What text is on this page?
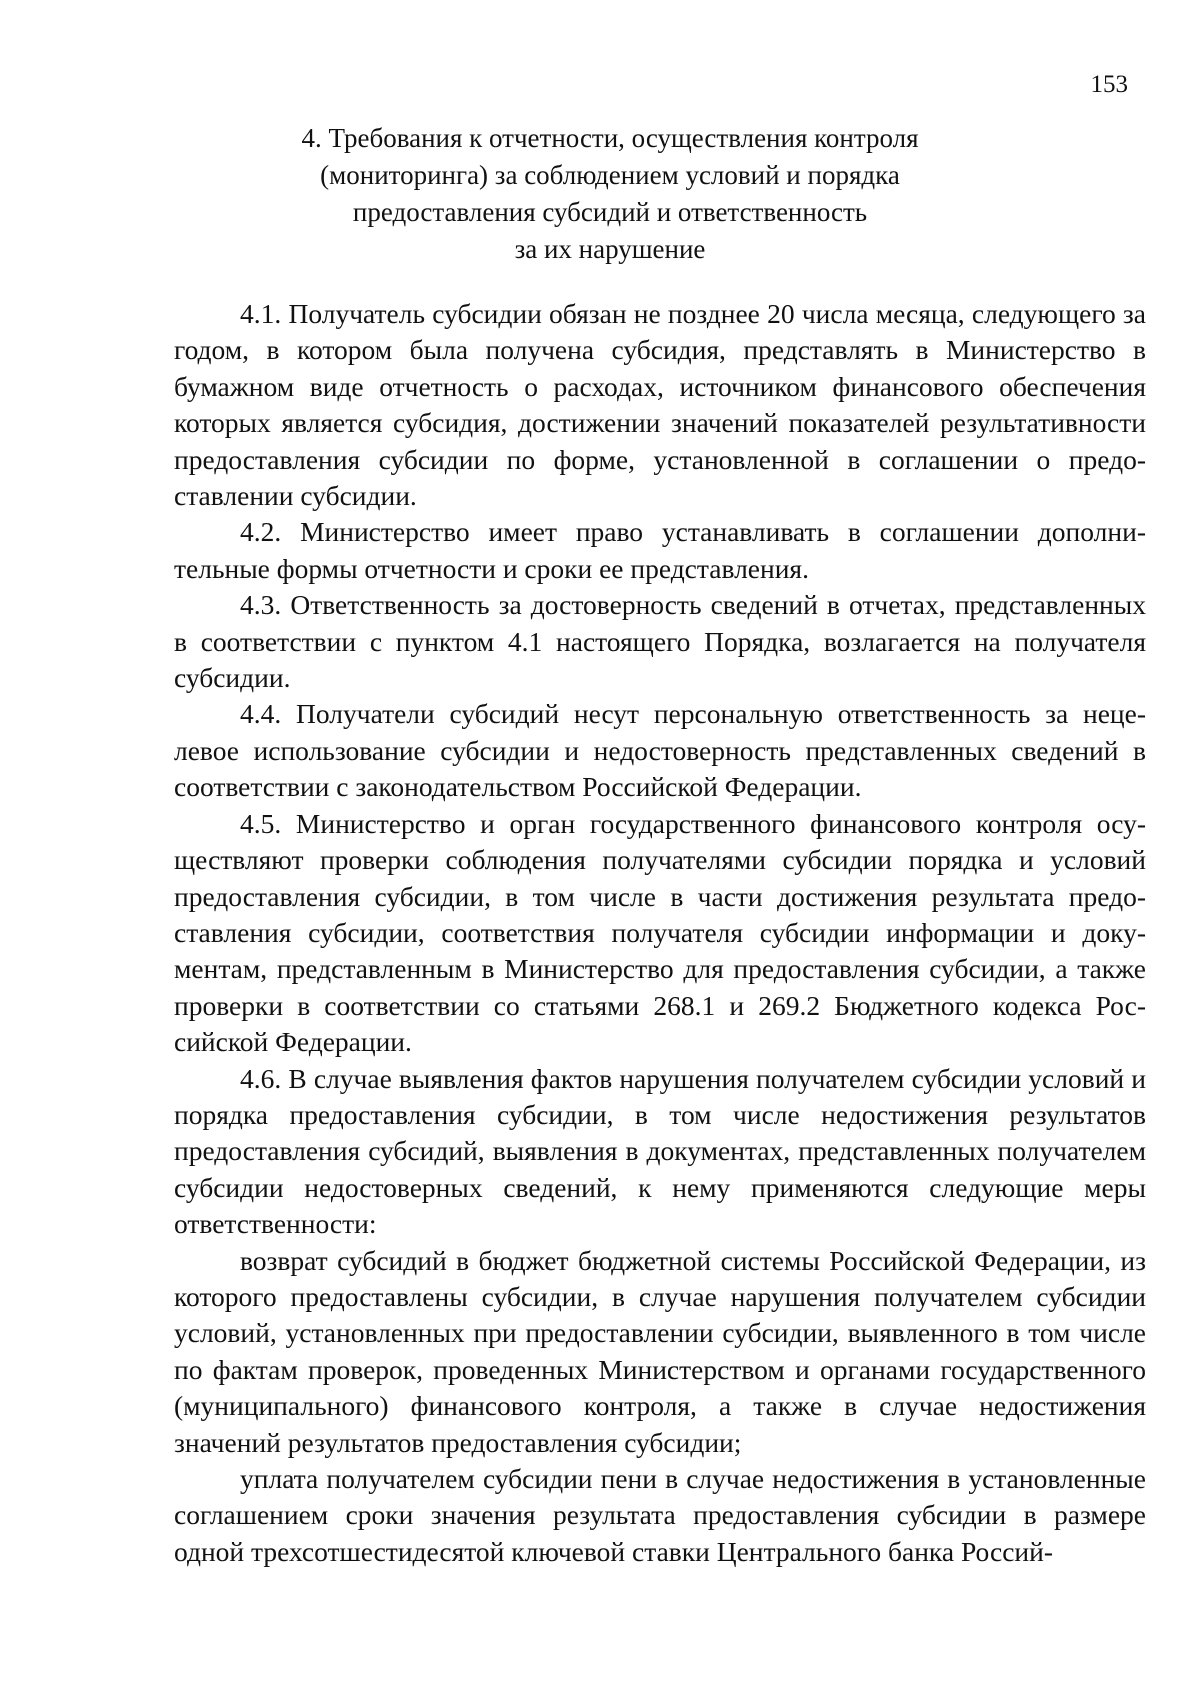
153
4. Требования к отчетности, осуществления контроля
(мониторинга) за соблюдением условий и порядка
предоставления субсидий и ответственность
за их нарушение

4.1. Получатель субсидии обязан не позднее 20 числа месяца, следующего за годом, в котором была получена субсидия, представлять в Министерство в бумажном виде отчетность о расходах, источником финансового обеспечения которых является субсидия, достижении значений показателей результативности предоставления субсидии по форме, установленной в соглашении о предоставлении субсидии.

4.2. Министерство имеет право устанавливать в соглашении дополнительные формы отчетности и сроки ее представления.

4.3. Ответственность за достоверность сведений в отчетах, представленных в соответствии с пунктом 4.1 настоящего Порядка, возлагается на получателя субсидии.

4.4. Получатели субсидий несут персональную ответственность за нецелевое использование субсидии и недостоверность представленных сведений в соответствии с законодательством Российской Федерации.

4.5. Министерство и орган государственного финансового контроля осуществляют проверки соблюдения получателями субсидии порядка и условий предоставления субсидии, в том числе в части достижения результата предоставления субсидии, соответствия получателя субсидии информации и документам, представленным в Министерство для предоставления субсидии, а также проверки в соответствии со статьями 268.1 и 269.2 Бюджетного кодекса Российской Федерации.

4.6. В случае выявления фактов нарушения получателем субсидии условий и порядка предоставления субсидии, в том числе недостижения результатов предоставления субсидий, выявления в документах, представленных получателем субсидии недостоверных сведений, к нему применяются следующие меры ответственности:

возврат субсидий в бюджет бюджетной системы Российской Федерации, из которого предоставлены субсидии, в случае нарушения получателем субсидии условий, установленных при предоставлении субсидии, выявленного в том числе по фактам проверок, проведенных Министерством и органами государственного (муниципального) финансового контроля, а также в случае недостижения значений результатов предоставления субсидии;

уплата получателем субсидии пени в случае недостижения в установленные соглашением сроки значения результата предоставления субсидии в размере одной трехсотшестидесятой ключевой ставки Центрального банка Россий-
